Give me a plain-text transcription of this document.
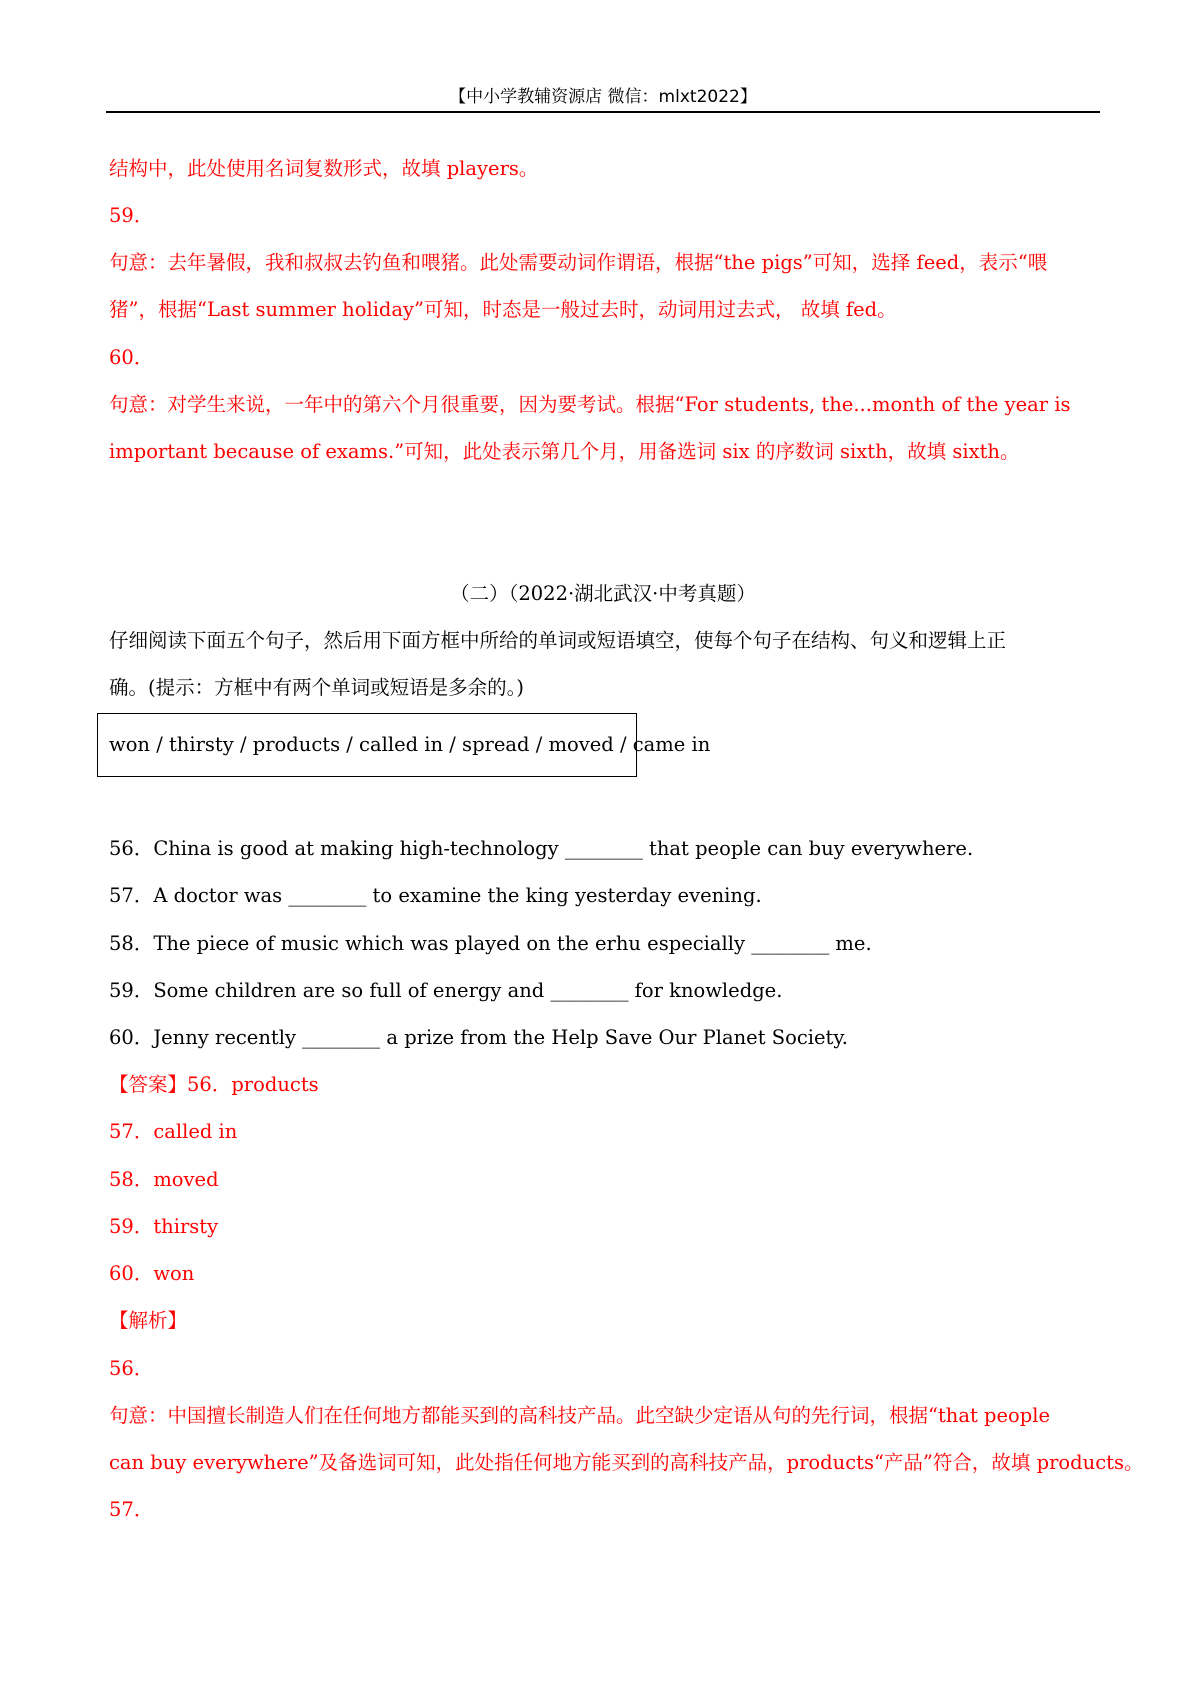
【中小学教辅资源店 微信：mlxt2022】
结构中，此处使用名词复数形式，故填 players。
59．
句意：去年暑假，我和叔叔去钓鱼和喂猪。此处需要动词作谓语，根据“the pigs”可知，选择 feed，表示“喂
猪”，根据“Last summer holiday”可知，时态是一般过去时，动词用过去式， 故填 fed。
60．
句意：对学生来说，一年中的第六个月很重要，因为要考试。根据“For students, the...month of the year is
important because of exams.”可知，此处表示第几个月，用备选词 six 的序数词 sixth，故填 sixth。
（二）（2022·湖北武汉·中考真题）
仔细阅读下面五个句子，然后用下面方框中所给的单词或短语填空，使每个句子在结构、句义和逻辑上正
确。(提示：方框中有两个单词或短语是多余的。)
won / thirsty / products / called in / spread / moved / came in
56．China is good at making high-technology ________ that people can buy everywhere.
57．A doctor was ________ to examine the king yesterday evening.
58．The piece of music which was played on the erhu especially ________ me.
59．Some children are so full of energy and ________ for knowledge.
60．Jenny recently ________ a prize from the Help Save Our Planet Society.
【答案】56．products
57．called in
58．moved
59．thirsty
60．won
【解析】
56．
句意：中国擅长制造人们在任何地方都能买到的高科技产品。此空缺少定语从句的先行词，根据“that people
can buy everywhere”及备选词可知，此处指任何地方能买到的高科技产品，products“产品”符合，故填 products。
57．
